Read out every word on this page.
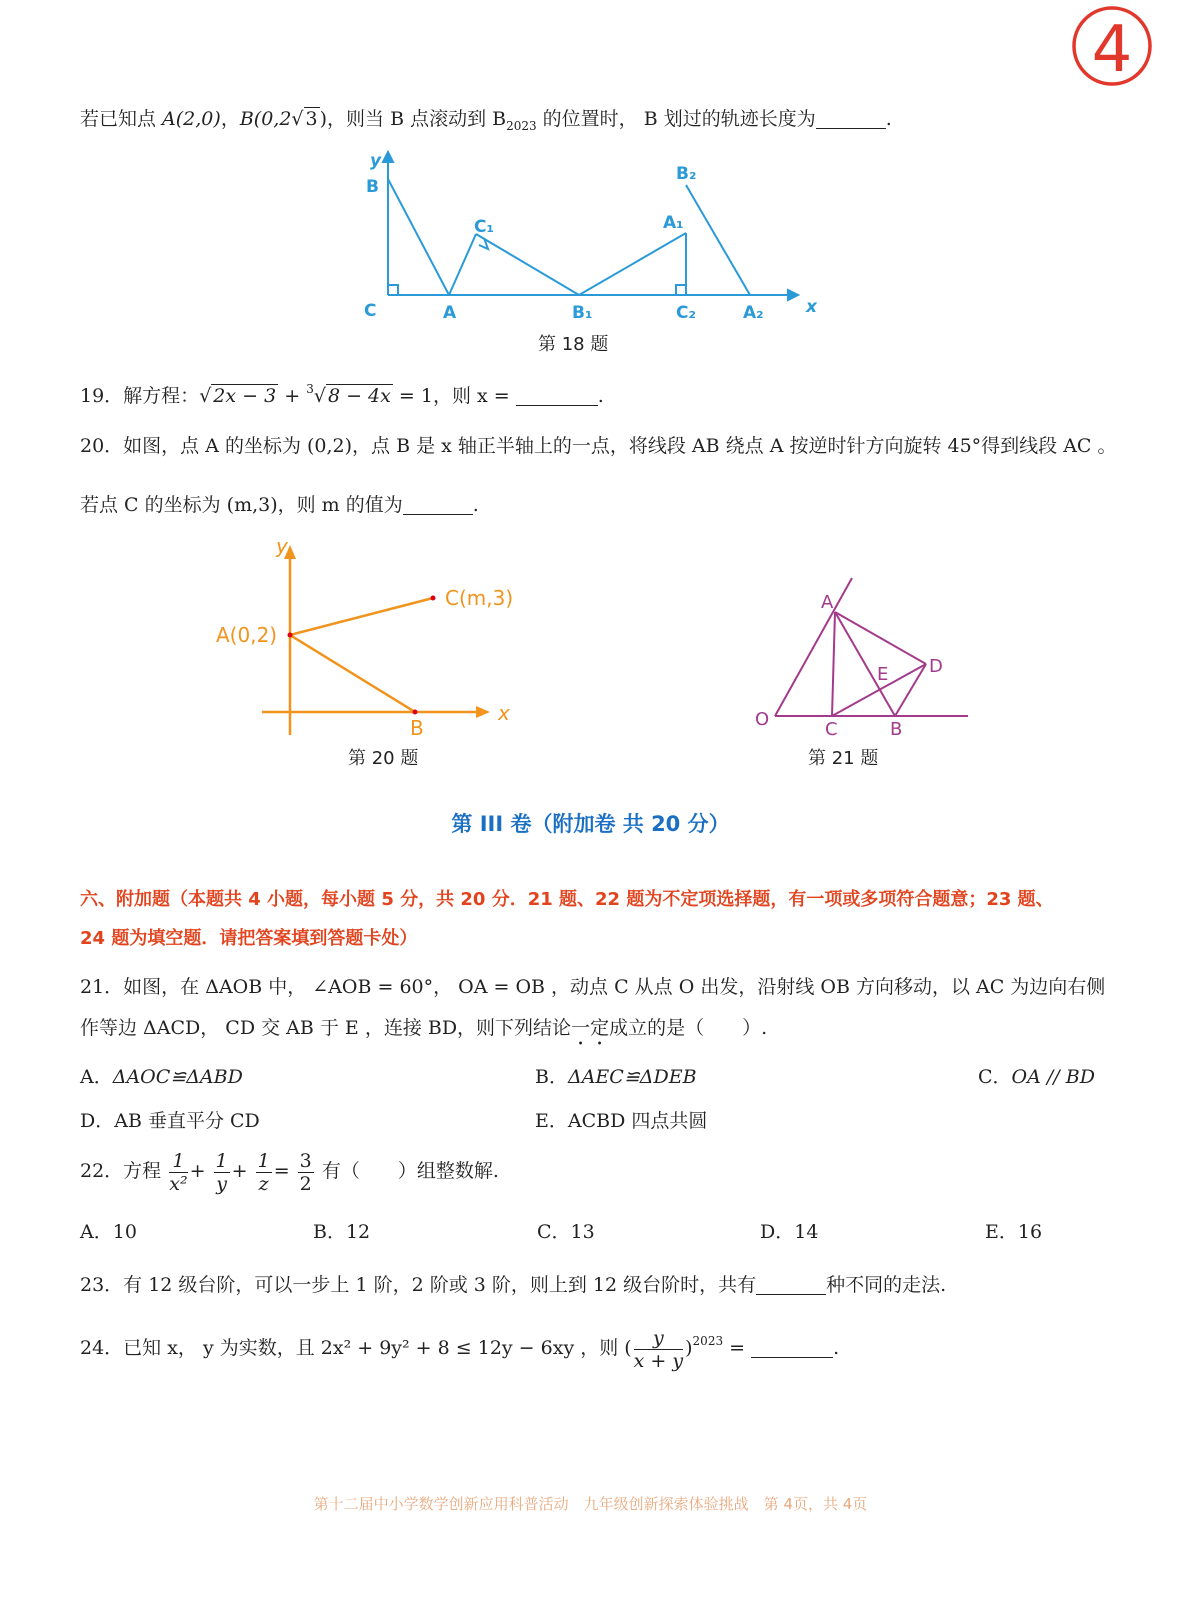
4
若已知点 A(2,0)，B(0,2√ 3 )，则当 B 点滚动到 $B_{2023}$ 的位置时， B 划过的轨迹长度为	.
y
B
C	A
C₁
B₁
A₁
B₂
C₂	A₂ x
第 18 题
19．解方程：√ 2x − 3 + $^3$√ 8 − 4x = 1，则 x =	.
20．如图，点 A 的坐标为 (0,2)，点 B 是 x 轴正半轴上的一点，将线段 AB 绕点 A 按逆时针方向旋转 45°得到线段 AC 。
若点 C 的坐标为 (m,3)，则 m 的值为	.
y
A(0,2)
C(m,3)
B
x
第 20 题
A
D
E
O	C	B
第 21 题
第 III 卷（附加卷 共 20 分）
六、附加题（本题共 4 小题，每小题 5 分，共 20 分．21 题、22 题为不定项选择题，有一项或多项符合题意；23 题、
24 题为填空题．请把答案填到答题卡处）
21．如图，在 ΔAOB 中， ∠AOB = 60°， OA = OB ，动点 C 从点 O 出发，沿射线 OB 方向移动，以 AC 为边向右侧
作等边 ΔACD， CD 交 AB 于 E ，连接 BD，则下列结论一定成立的是（　　）.
A．ΔAOC≌ΔABD	B．ΔAEC≌ΔDEB	C．OA // BD
D．AB 垂直平分 CD	E．ACBD 四点共圆
22．方程 $\frac{1}{\text{x²}} + \frac{1}{y} + \frac{1}{z} = \frac{3}{2}$ 有（　　）组整数解.
A．10	B．12	C．13	D．14	E．16
23．有 12 级台阶，可以一步上 1 阶，2 阶或 3 阶，则上到 12 级台阶时，共有	种不同的走法.
24．已知 x， y 为实数，且 2x² + 9y² + 8 ≤ 12y − 6xy ，则 ( $\frac{y}{x + y} )^{2023}$ =	.
第十二届中小学数学创新应用科普活动　九年级创新探索体验挑战　第 4页，共 4页
